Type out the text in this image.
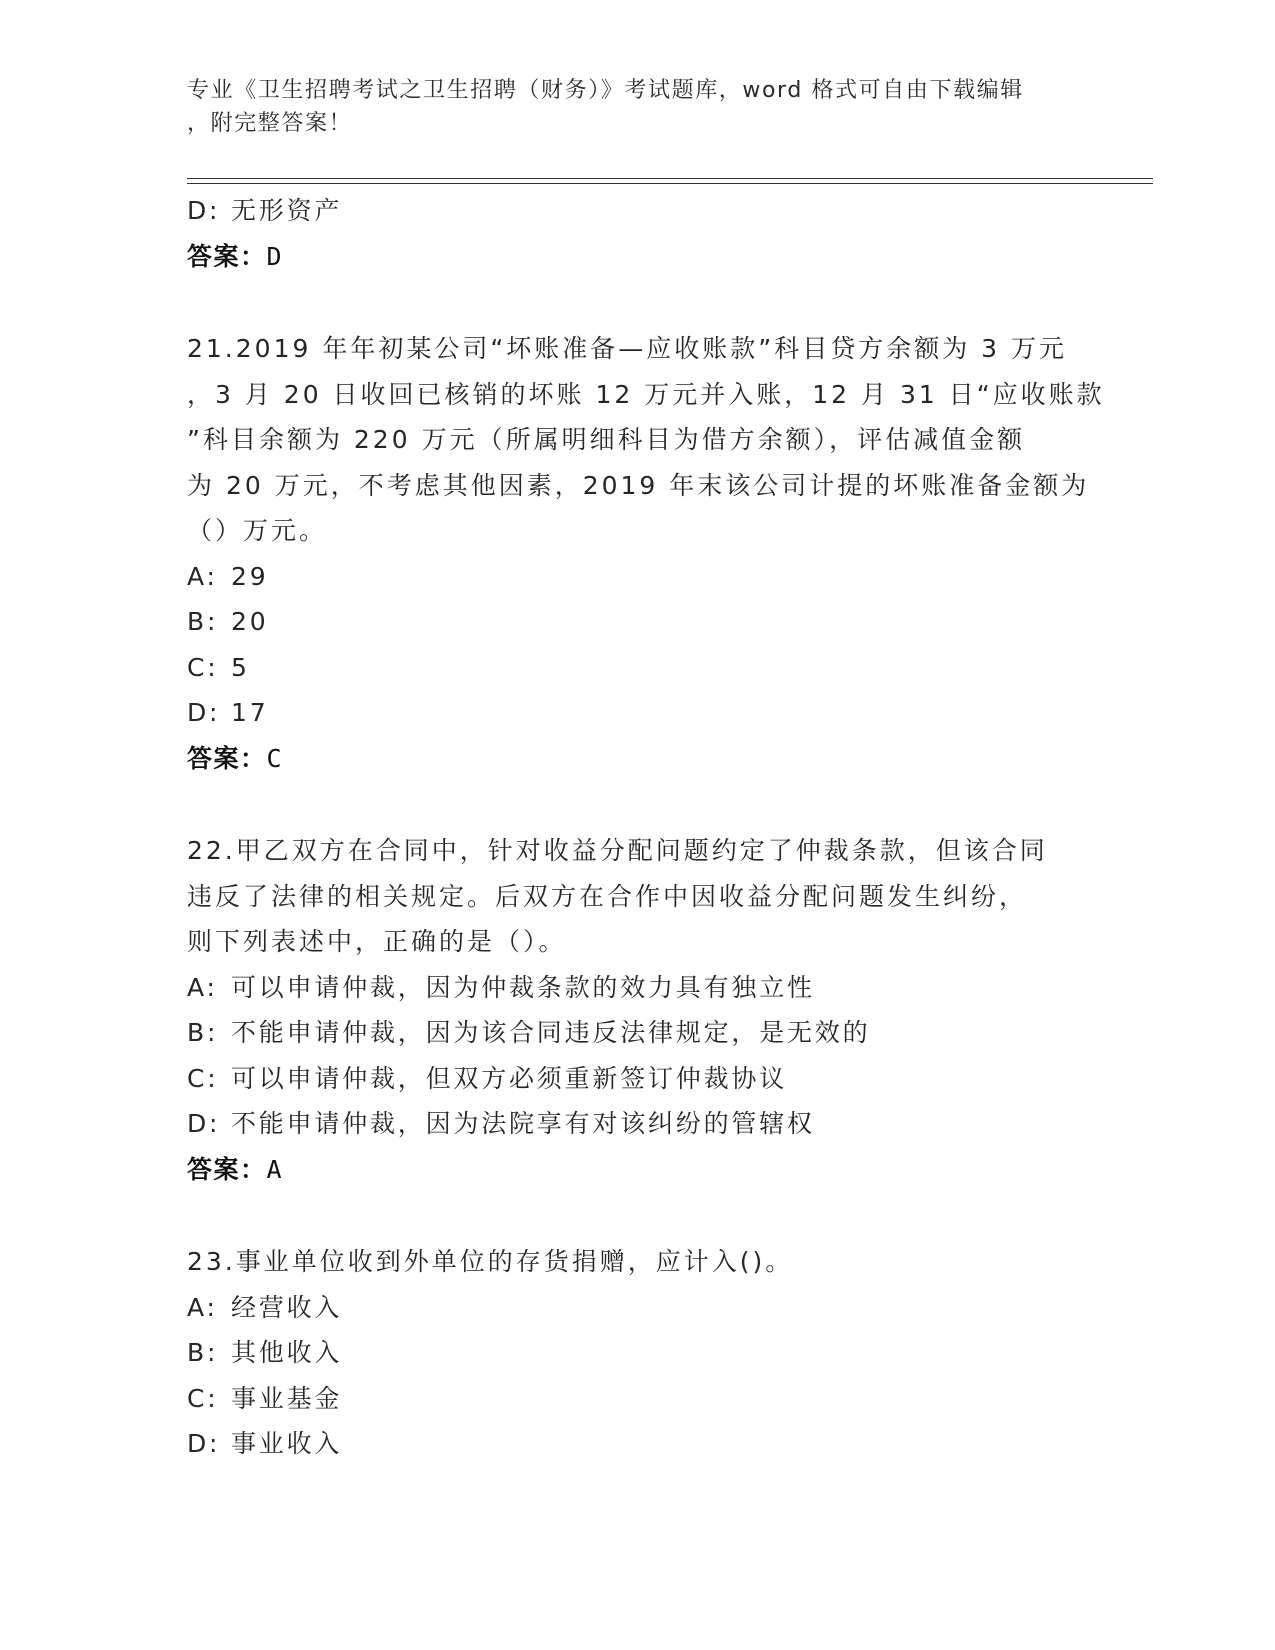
专业《卫生招聘考试之卫生招聘（财务）》考试题库，word 格式可自由下载编辑
，附完整答案！
D: 无形资产
答案：D
21.2019 年年初某公司“坏账准备—应收账款”科目贷方余额为 3 万元
，3 月 20 日收回已核销的坏账 12 万元并入账，12 月 31 日“应收账款
”科目余额为 220 万元（所属明细科目为借方余额），评估减值金额
为 20 万元，不考虑其他因素，2019 年末该公司计提的坏账准备金额为
（）万元。
A: 29
B: 20
C: 5
D: 17
答案：C
22.甲乙双方在合同中，针对收益分配问题约定了仲裁条款，但该合同
违反了法律的相关规定。后双方在合作中因收益分配问题发生纠纷，
则下列表述中，正确的是（）。
A: 可以申请仲裁，因为仲裁条款的效力具有独立性
B: 不能申请仲裁，因为该合同违反法律规定，是无效的
C: 可以申请仲裁，但双方必须重新签订仲裁协议
D: 不能申请仲裁，因为法院享有对该纠纷的管辖权
答案：A
23.事业单位收到外单位的存货捐赠，应计入()。
A: 经营收入
B: 其他收入
C: 事业基金
D: 事业收入
